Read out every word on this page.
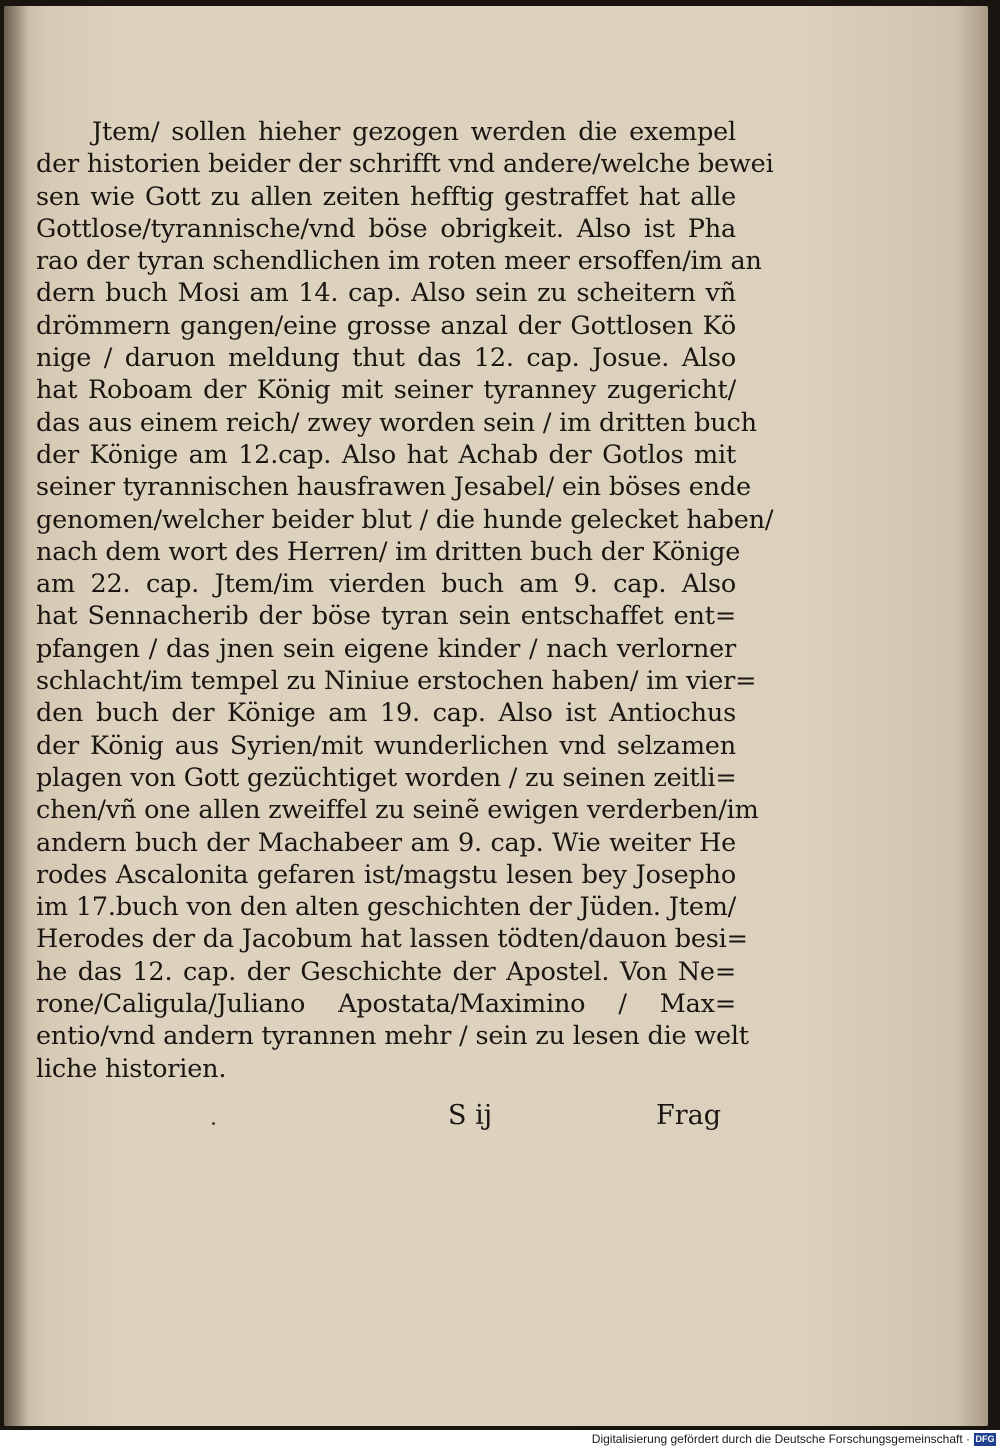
Jtem/ sollen hieher gezogen werden die exempel
der historien beider der schrifft vnd andere/welche bewei
sen wie Gott zu allen zeiten hefftig gestraffet hat alle
Gottlose/tyrannische/vnd böse obrigkeit. Also ist Pha
rao der tyran schendlichen im roten meer ersoffen/im an
dern buch Mosi am 14. cap. Also sein zu scheitern vñ
drömmern gangen/eine grosse anzal der Gottlosen Kö
nige / daruon meldung thut das 12. cap. Josue. Also
hat Roboam der König mit seiner tyranney zugericht/
das aus einem reich/ zwey worden sein / im dritten buch
der Könige am 12.cap. Also hat Achab der Gotlos mit
seiner tyrannischen hausfrawen Jesabel/ ein böses ende
genomen/welcher beider blut / die hunde gelecket haben/
nach dem wort des Herren/ im dritten buch der Könige
am 22. cap. Jtem/im vierden buch am 9. cap. Also
hat Sennacherib der böse tyran sein entschaffet ent=
pfangen / das jnen sein eigene kinder / nach verlorner
schlacht/im tempel zu Niniue erstochen haben/ im vier=
den buch der Könige am 19. cap. Also ist Antiochus
der König aus Syrien/mit wunderlichen vnd selzamen
plagen von Gott gezüchtiget worden / zu seinen zeitli=
chen/vñ one allen zweiffel zu seinẽ ewigen verderben/im
andern buch der Machabeer am 9. cap. Wie weiter He
rodes Ascalonita gefaren ist/magstu lesen bey Josepho
im 17.buch von den alten geschichten der Jüden. Jtem/
Herodes der da Jacobum hat lassen tödten/dauon besi=
he das 12. cap. der Geschichte der Apostel. Von Ne=
rone/Caligula/Juliano Apostata/Maximino / Max=
entio/vnd andern tyrannen mehr / sein zu lesen die welt
liche historien.
S ij	Frag
Digitalisierung gefördert durch die Deutsche Forschungsgemeinschaft · DFG
